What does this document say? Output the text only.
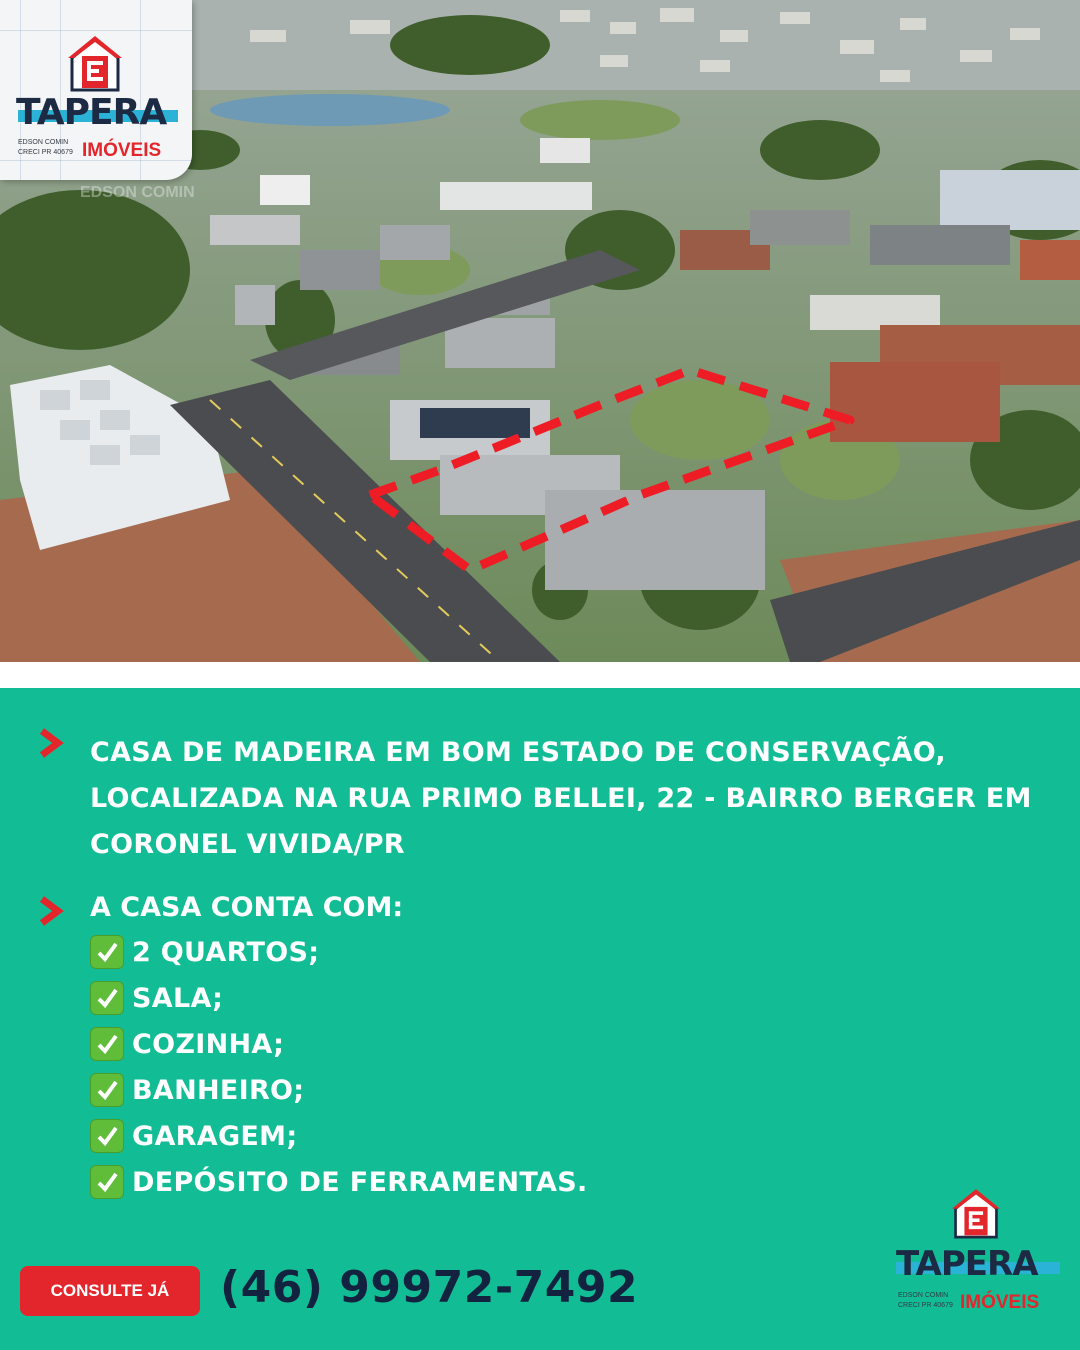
EDSON COMIN
TAPERA
IMÓVEIS
EDSON COMIN
CRECI PR 40679
CASA DE MADEIRA EM BOM ESTADO DE CONSERVAÇÃO, LOCALIZADA NA RUA PRIMO BELLEI, 22 - BAIRRO BERGER EM CORONEL VIVIDA/PR
A CASA CONTA COM:
2 QUARTOS;
SALA;
COZINHA;
BANHEIRO;
GARAGEM;
DEPÓSITO DE FERRAMENTAS.
CONSULTE JÁ	(46) 99972-7492	TAPERA
IMÓVEIS
EDSON COMIN
CRECI PR 40679
